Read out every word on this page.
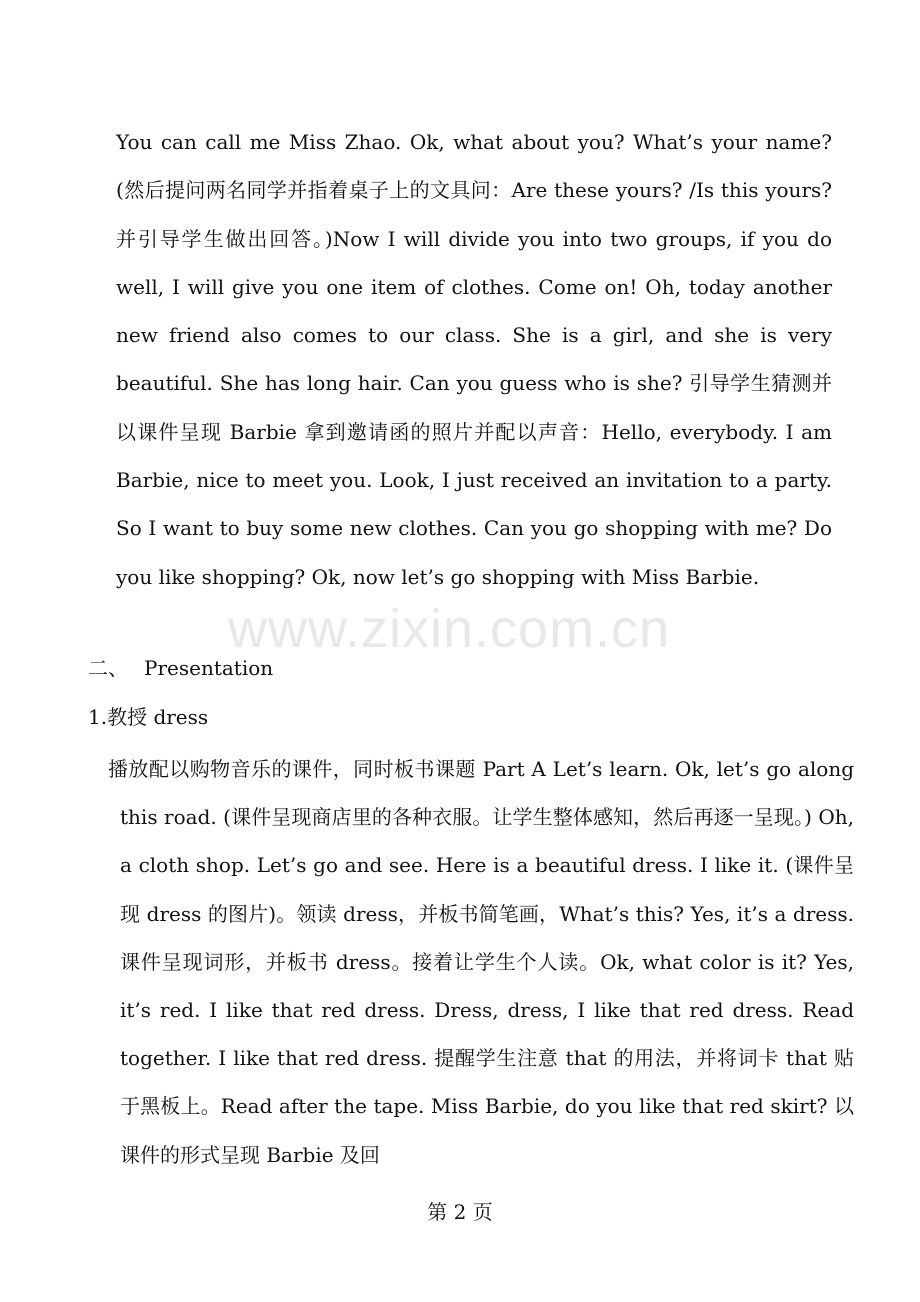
You can call me Miss Zhao. Ok, what about you? What’s your name? (然后提问两名同学并指着桌子上的文具问：Are these yours? /Is this yours? 并引导学生做出回答。)Now I will divide you into two groups, if you do well, I will give you one item of clothes. Come on! Oh, today another new friend also comes to our class. She is a girl, and she is very beautiful. She has long hair. Can you guess who is she? 引导学生猜测并以课件呈现 Barbie 拿到邀请函的照片并配以声音：Hello, everybody. I am Barbie, nice to meet you. Look, I just received an invitation to a party. So I want to buy some new clothes. Can you go shopping with me? Do you like shopping? Ok, now let’s go shopping with Miss Barbie.

www.zixin.com.cn

二、 Presentation

1.教授 dress

播放配以购物音乐的课件，同时板书课题 Part A Let’s learn. Ok, let’s go along this road. (课件呈现商店里的各种衣服。让学生整体感知，然后再逐一呈现。) Oh, a cloth shop. Let’s go and see. Here is a beautiful dress. I like it. (课件呈现 dress 的图片)。领读 dress，并板书简笔画，What’s this? Yes, it’s a dress. 课件呈现词形，并板书 dress。接着让学生个人读。Ok, what color is it? Yes, it’s red. I like that red dress. Dress, dress, I like that red dress. Read together. I like that red dress. 提醒学生注意 that 的用法，并将词卡 that 贴于黑板上。Read after the tape. Miss Barbie, do you like that red skirt? 以课件的形式呈现 Barbie 及回

第 2 页
